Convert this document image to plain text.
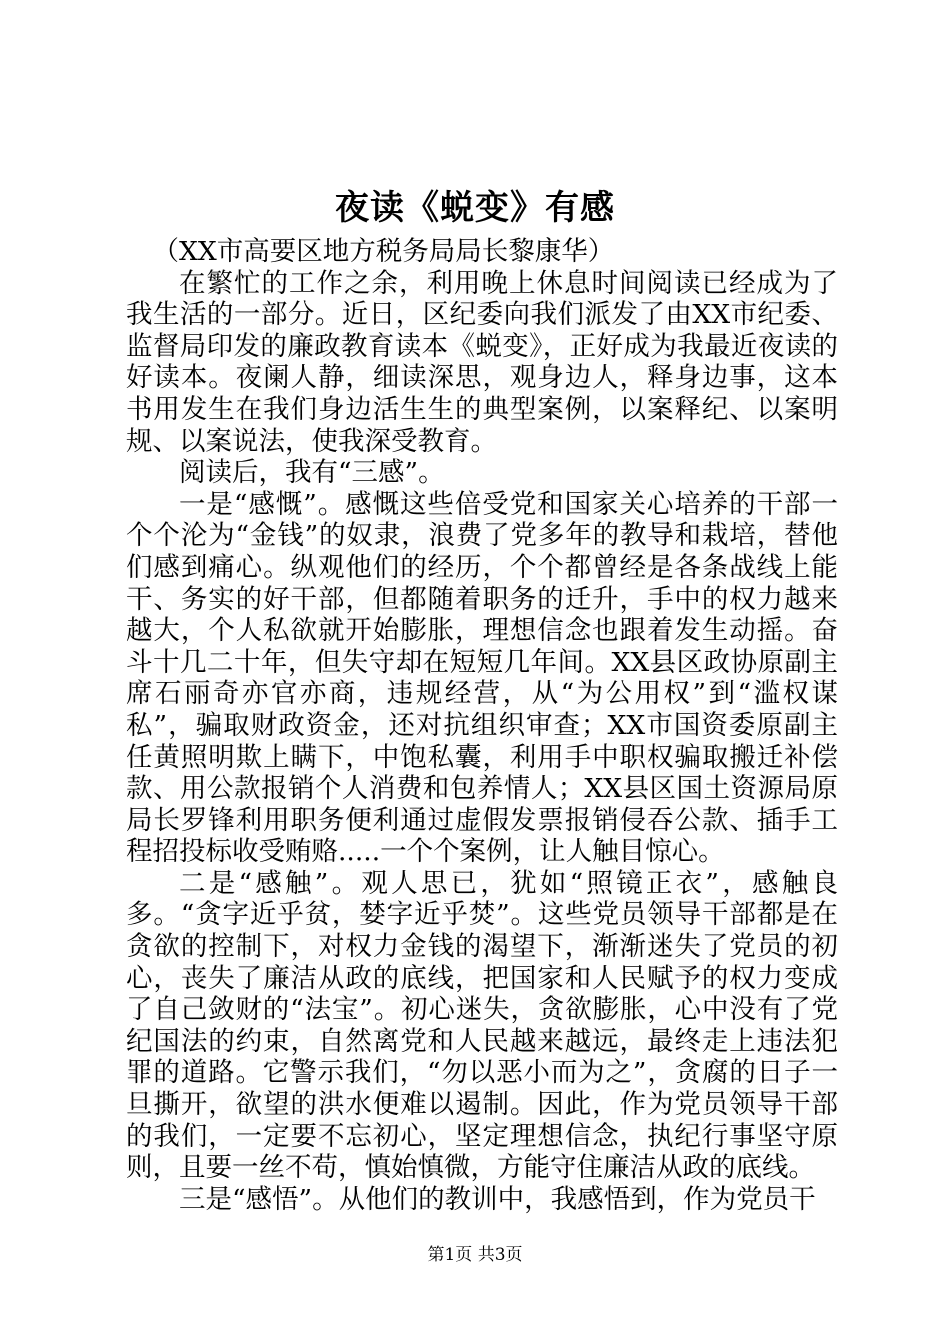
夜读《蜕变》有感

（XX市高要区地方税务局局长黎康华）

在繁忙的工作之余，利用晚上休息时间阅读已经成为了我生活的一部分。近日，区纪委向我们派发了由XX市纪委、监督局印发的廉政教育读本《蜕变》，正好成为我最近夜读的好读本。夜阑人静，细读深思，观身边人，释身边事，这本书用发生在我们身边活生生的典型案例，以案释纪、以案明规、以案说法，使我深受教育。

阅读后，我有“三感”。

一是“感慨”。感慨这些倍受党和国家关心培养的干部一个个沦为“金钱”的奴隶，浪费了党多年的教导和栽培，替他们感到痛心。纵观他们的经历，个个都曾经是各条战线上能干、务实的好干部，但都随着职务的迁升，手中的权力越来越大，个人私欲就开始膨胀，理想信念也跟着发生动摇。奋斗十几二十年，但失守却在短短几年间。XX县区政协原副主席石丽奇亦官亦商，违规经营，从“为公用权”到“滥权谋私”，骗取财政资金，还对抗组织审查；XX市国资委原副主任黄照明欺上瞒下，中饱私囊，利用手中职权骗取搬迁补偿款、用公款报销个人消费和包养情人；XX县区国土资源局原局长罗锋利用职务便利通过虚假发票报销侵吞公款、插手工程招投标收受贿赂.....一个个案例，让人触目惊心。

二是“感触”。观人思已，犹如“照镜正衣”，感触良多。“贪字近乎贫，婪字近乎焚”。这些党员领导干部都是在贪欲的控制下，对权力金钱的渴望下，渐渐迷失了党员的初心，丧失了廉洁从政的底线，把国家和人民赋予的权力变成了自己敛财的“法宝”。初心迷失，贪欲膨胀，心中没有了党纪国法的约束，自然离党和人民越来越远，最终走上违法犯罪的道路。它警示我们，“勿以恶小而为之”，贪腐的日子一旦撕开，欲望的洪水便难以遏制。因此，作为党员领导干部的我们，一定要不忘初心，坚定理想信念，执纪行事坚守原则，且要一丝不苟，慎始慎微，方能守住廉洁从政的底线。

三是“感悟”。从他们的教训中，我感悟到，作为党员干

第1页 共3页
